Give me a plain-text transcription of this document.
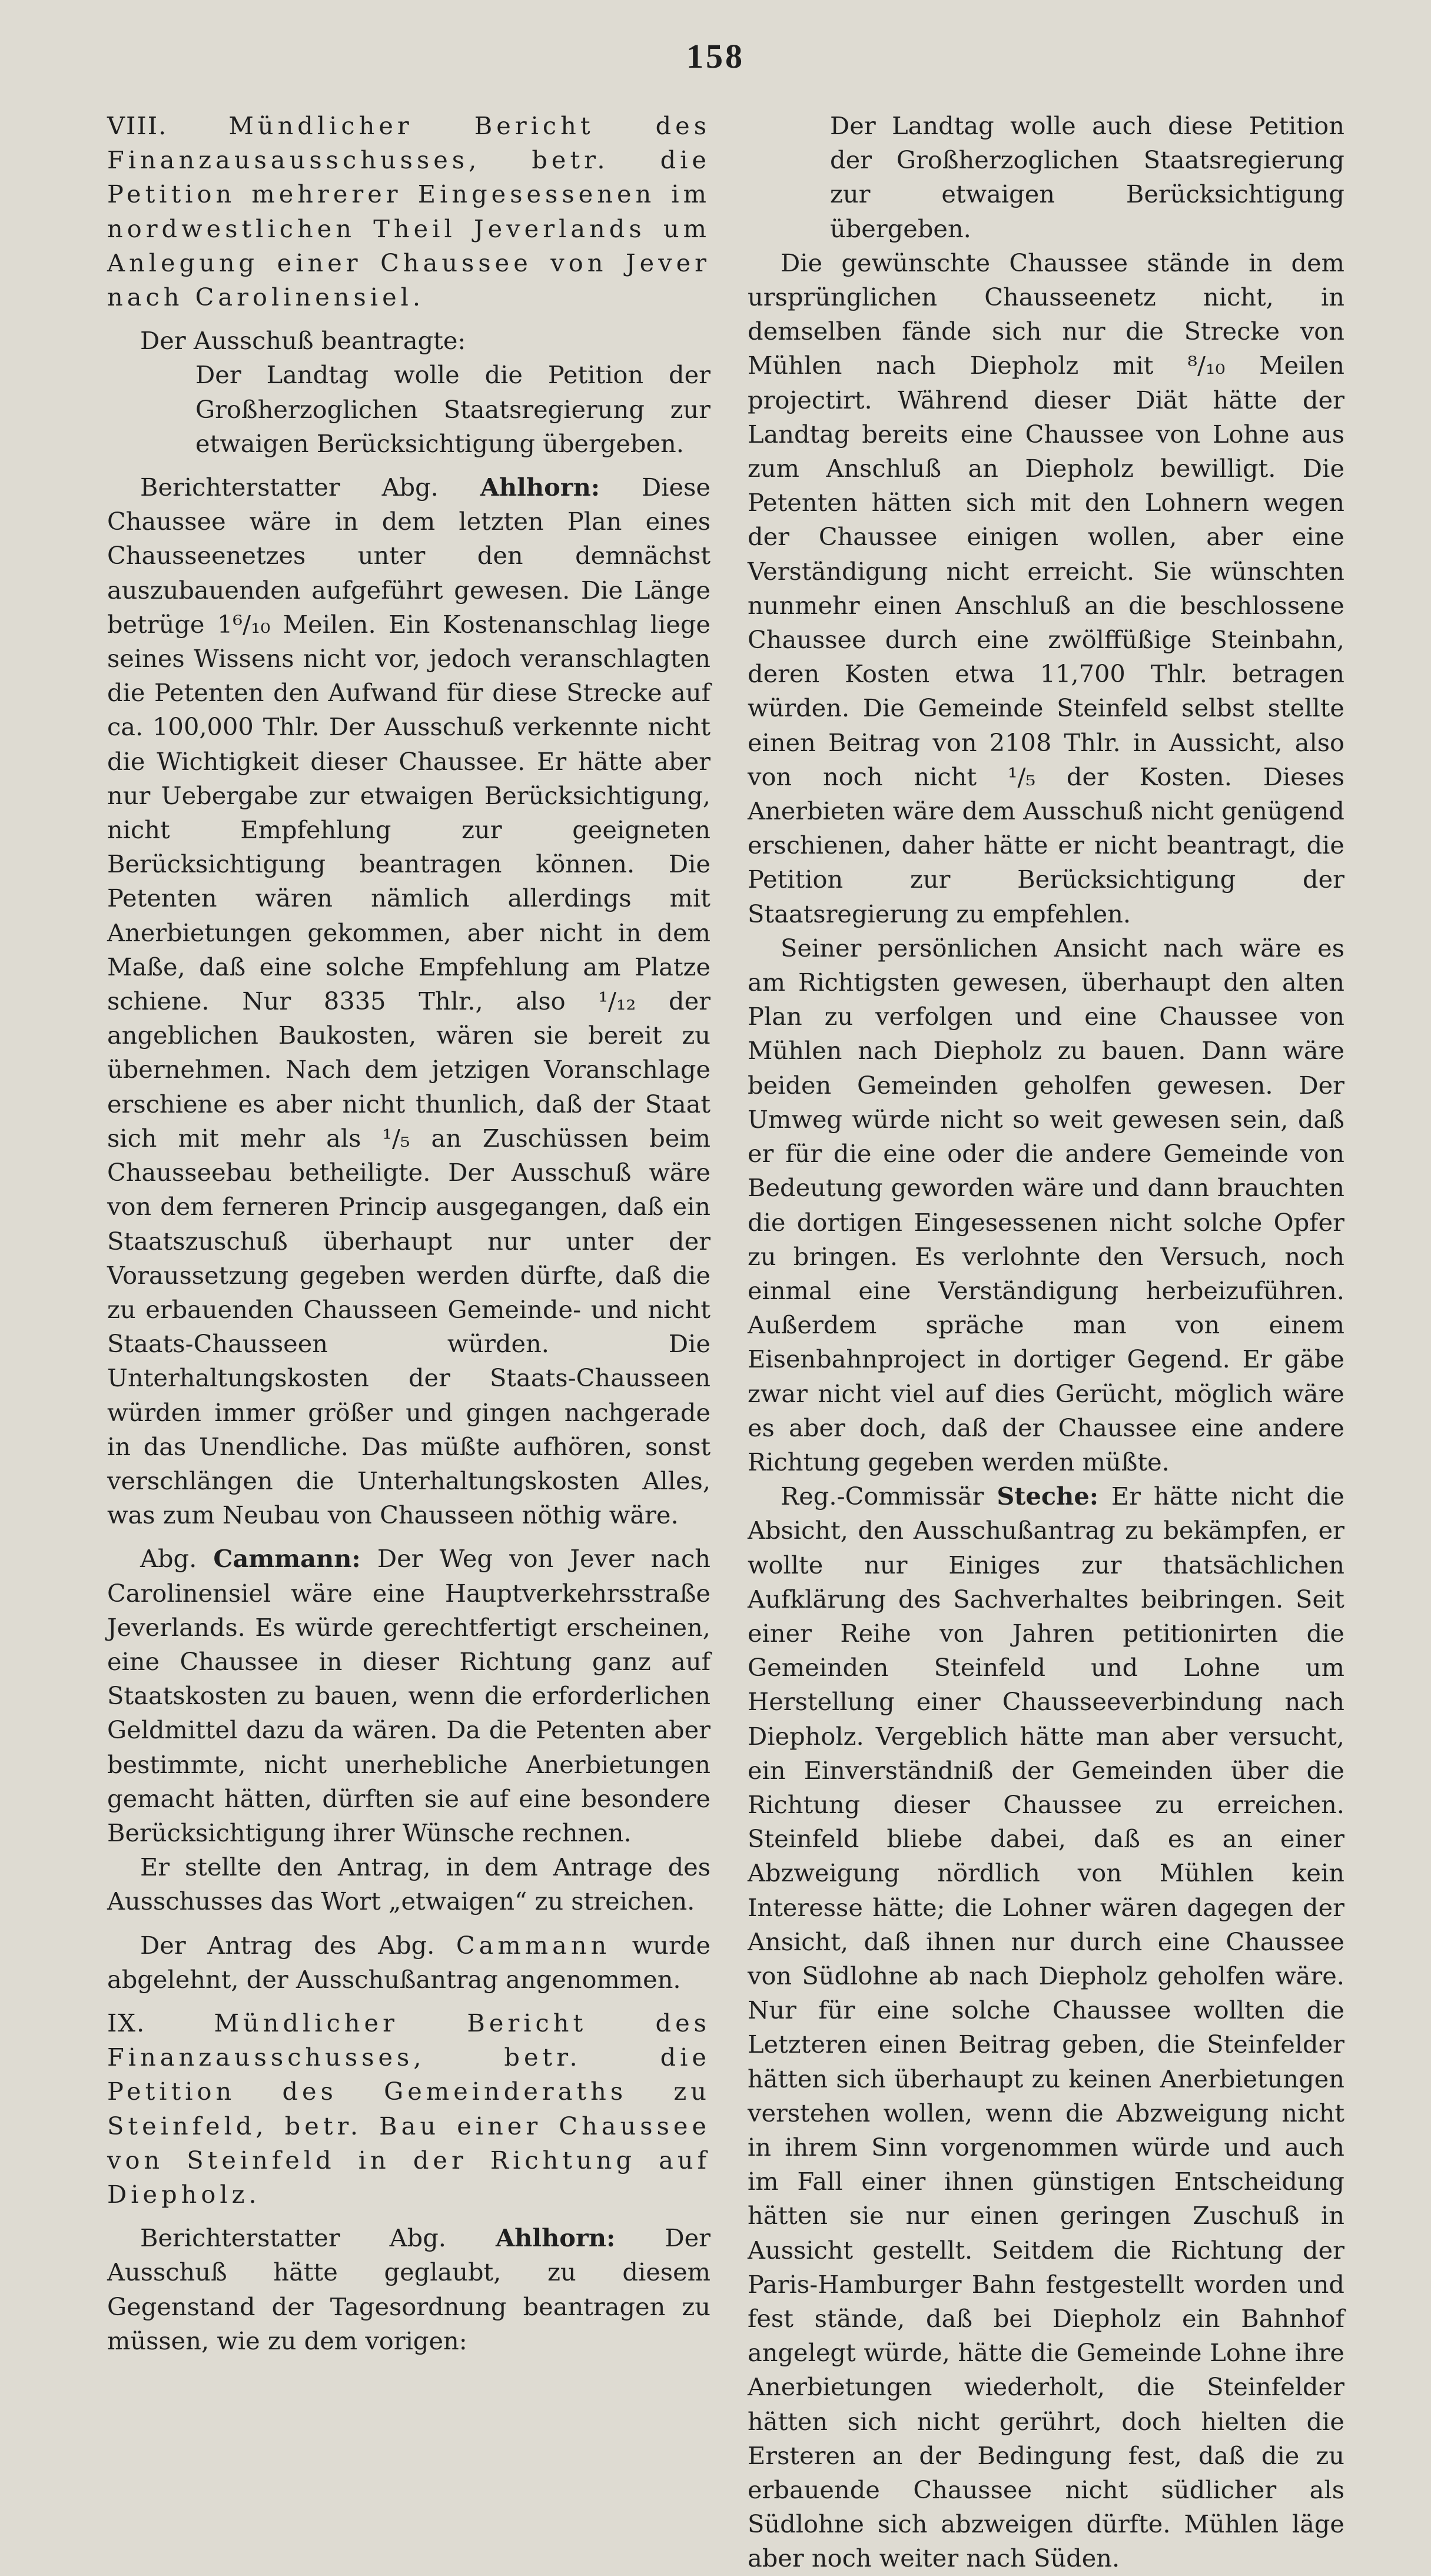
158

VIII.	Mündlicher Bericht des Finanzausausschusses, betr. die Petition mehrerer Eingesessenen im nordwestlichen Theil Jeverlands um Anlegung einer Chaussee von Jever nach Carolinensiel.

Der Ausschuß beantragte:

Der Landtag wolle die Petition der Großherzoglichen Staatsregierung zur etwaigen Berücksichtigung übergeben.

Berichterstatter Abg. Ahlhorn: Diese Chaussee wäre in dem letzten Plan eines Chausseenetzes unter den demnächst auszubauenden aufgeführt gewesen. Die Länge betrüge 1⁶/₁₀ Meilen. Ein Kostenanschlag liege seines Wissens nicht vor, jedoch veranschlagten die Petenten den Aufwand für diese Strecke auf ca. 100,000 Thlr. Der Ausschuß verkennte nicht die Wichtigkeit dieser Chaussee. Er hätte aber nur Uebergabe zur etwaigen Berücksichtigung, nicht Empfehlung zur geeigneten Berücksichtigung beantragen können. Die Petenten wären nämlich allerdings mit Anerbietungen gekommen, aber nicht in dem Maße, daß eine solche Empfehlung am Platze schiene. Nur 8335 Thlr., also ¹/₁₂ der angeblichen Baukosten, wären sie bereit zu übernehmen. Nach dem jetzigen Voranschlage erschiene es aber nicht thunlich, daß der Staat sich mit mehr als ¹/₅ an Zuschüssen beim Chausseebau betheiligte. Der Ausschuß wäre von dem ferneren Princip ausgegangen, daß ein Staatszuschuß überhaupt nur unter der Voraussetzung gegeben werden dürfte, daß die zu erbauenden Chausseen Gemeinde- und nicht Staats-Chausseen würden. Die Unterhaltungskosten der Staats-Chausseen würden immer größer und gingen nachgerade in das Unendliche. Das müßte aufhören, sonst verschlängen die Unterhaltungskosten Alles, was zum Neubau von Chausseen nöthig wäre.

Abg. Cammann: Der Weg von Jever nach Carolinensiel wäre eine Hauptverkehrsstraße Jeverlands. Es würde gerechtfertigt erscheinen, eine Chaussee in dieser Richtung ganz auf Staatskosten zu bauen, wenn die erforderlichen Geldmittel dazu da wären. Da die Petenten aber bestimmte, nicht unerhebliche Anerbietungen gemacht hätten, dürften sie auf eine besondere Berücksichtigung ihrer Wünsche rechnen.

Er stellte den Antrag, in dem Antrage des Ausschusses das Wort „etwaigen“ zu streichen.

Der Antrag des Abg. Cammann wurde abgelehnt, der Ausschußantrag angenommen.

IX.	Mündlicher Bericht des Finanzausschusses, betr. die Petition des Gemeinderaths zu Steinfeld, betr. Bau einer Chaussee von Steinfeld in der Richtung auf Diepholz.

Berichterstatter Abg. Ahlhorn: Der Ausschuß hätte geglaubt, zu diesem Gegenstand der Tagesordnung beantragen zu müssen, wie zu dem vorigen:

Der Landtag wolle auch diese Petition der Großherzoglichen Staatsregierung zur etwaigen Berücksichtigung übergeben.

Die gewünschte Chaussee stände in dem ursprünglichen Chausseenetz nicht, in demselben fände sich nur die Strecke von Mühlen nach Diepholz mit ⁸/₁₀ Meilen projectirt. Während dieser Diät hätte der Landtag bereits eine Chaussee von Lohne aus zum Anschluß an Diepholz bewilligt. Die Petenten hätten sich mit den Lohnern wegen der Chaussee einigen wollen, aber eine Verständigung nicht erreicht. Sie wünschten nunmehr einen Anschluß an die beschlossene Chaussee durch eine zwölffüßige Steinbahn, deren Kosten etwa 11,700 Thlr. betragen würden. Die Gemeinde Steinfeld selbst stellte einen Beitrag von 2108 Thlr. in Aussicht, also von noch nicht ¹/₅ der Kosten. Dieses Anerbieten wäre dem Ausschuß nicht genügend erschienen, daher hätte er nicht beantragt, die Petition zur Berücksichtigung der Staatsregierung zu empfehlen.

Seiner persönlichen Ansicht nach wäre es am Richtigsten gewesen, überhaupt den alten Plan zu verfolgen und eine Chaussee von Mühlen nach Diepholz zu bauen. Dann wäre beiden Gemeinden geholfen gewesen. Der Umweg würde nicht so weit gewesen sein, daß er für die eine oder die andere Gemeinde von Bedeutung geworden wäre und dann brauchten die dortigen Eingesessenen nicht solche Opfer zu bringen. Es verlohnte den Versuch, noch einmal eine Verständigung herbeizuführen. Außerdem spräche man von einem Eisenbahnproject in dortiger Gegend. Er gäbe zwar nicht viel auf dies Gerücht, möglich wäre es aber doch, daß der Chaussee eine andere Richtung gegeben werden müßte.

Reg.-Commissär Steche: Er hätte nicht die Absicht, den Ausschußantrag zu bekämpfen, er wollte nur Einiges zur thatsächlichen Aufklärung des Sachverhaltes beibringen. Seit einer Reihe von Jahren petitionirten die Gemeinden Steinfeld und Lohne um Herstellung einer Chausseeverbindung nach Diepholz. Vergeblich hätte man aber versucht, ein Einverständniß der Gemeinden über die Richtung dieser Chaussee zu erreichen. Steinfeld bliebe dabei, daß es an einer Abzweigung nördlich von Mühlen kein Interesse hätte; die Lohner wären dagegen der Ansicht, daß ihnen nur durch eine Chaussee von Südlohne ab nach Diepholz geholfen wäre. Nur für eine solche Chaussee wollten die Letzteren einen Beitrag geben, die Steinfelder hätten sich überhaupt zu keinen Anerbietungen verstehen wollen, wenn die Abzweigung nicht in ihrem Sinn vorgenommen würde und auch im Fall einer ihnen günstigen Entscheidung hätten sie nur einen geringen Zuschuß in Aussicht gestellt. Seitdem die Richtung der Paris-Hamburger Bahn festgestellt worden und fest stände, daß bei Diepholz ein Bahnhof angelegt würde, hätte die Gemeinde Lohne ihre Anerbietungen wiederholt, die Steinfelder hätten sich nicht gerührt, doch hielten die Ersteren an der Bedingung fest, daß die zu erbauende Chaussee nicht südlicher als Südlohne sich abzweigen dürfte. Mühlen läge aber noch weiter nach Süden.
